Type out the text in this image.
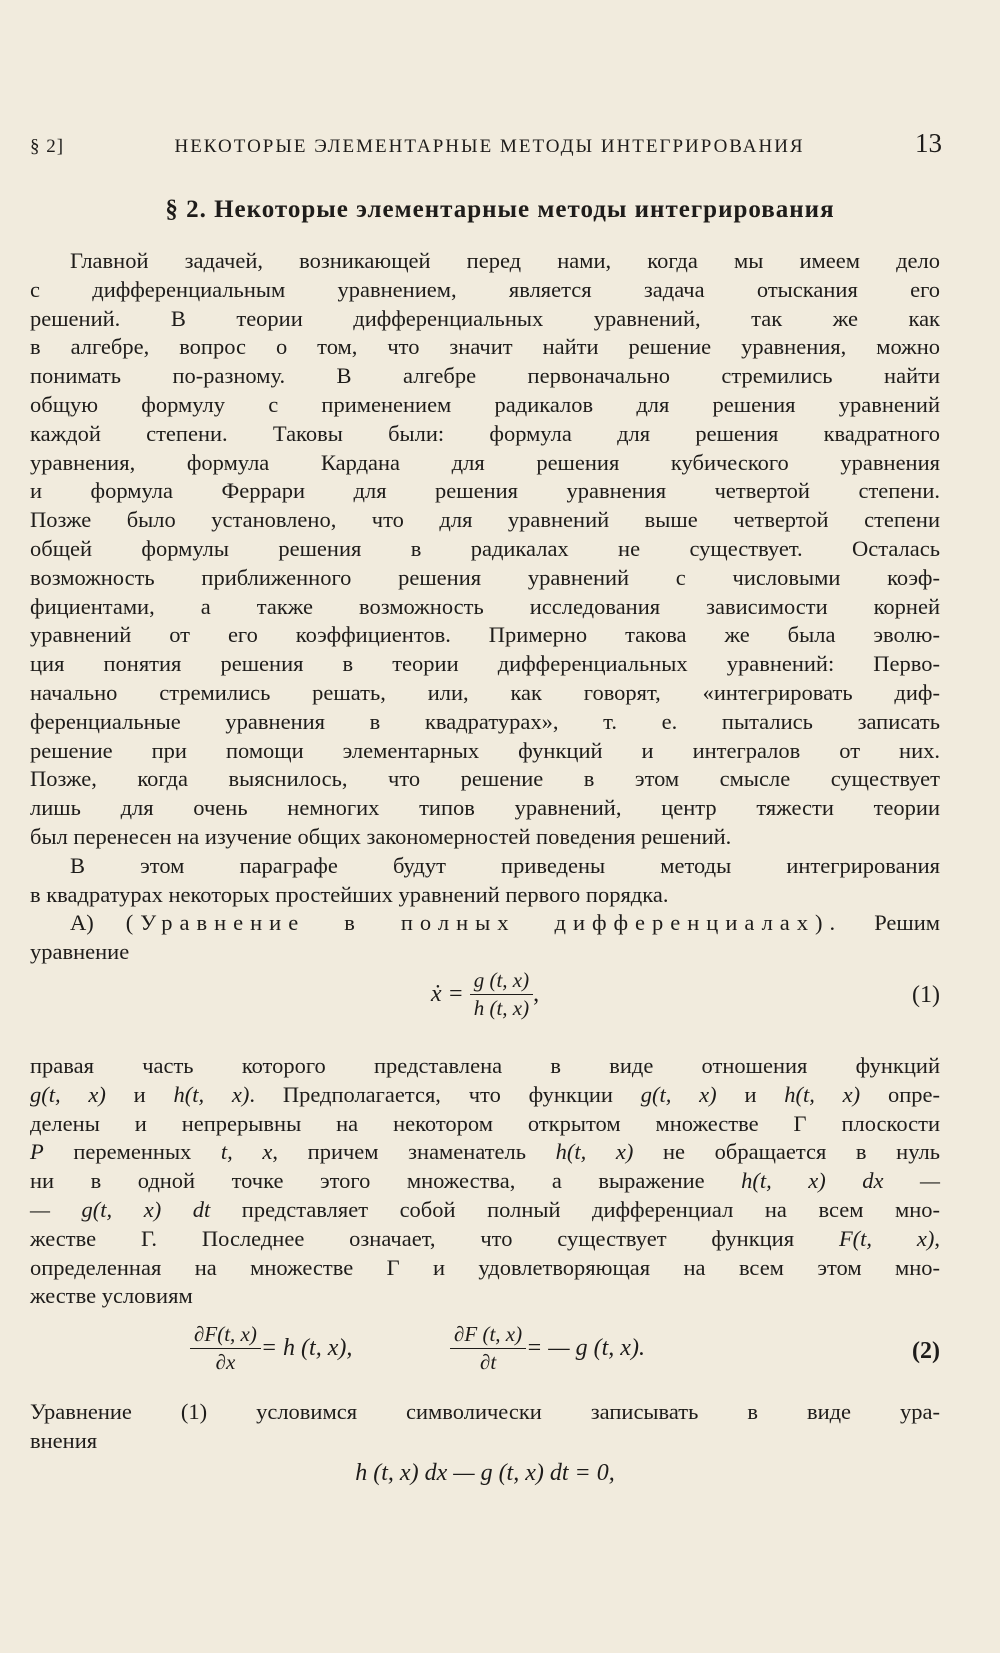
§ 2]	НЕКОТОРЫЕ ЭЛЕМЕНТАРНЫЕ МЕТОДЫ ИНТЕГРИРОВАНИЯ	13
§ 2. Некоторые элементарные методы интегрирования
Главной задачей, возникающей перед нами, когда мы имеем дело
с дифференциальным уравнением, является задача отыскания его
решений. В теории дифференциальных уравнений, так же как
в алгебре, вопрос о том, что значит найти решение уравнения, можно
понимать по-разному. В алгебре первоначально стремились найти
общую формулу с применением радикалов для решения уравнений
каждой степени. Таковы были: формула для решения квадратного
уравнения, формула Кардана для решения кубического уравнения
и формула Феррари для решения уравнения четвертой степени.
Позже было установлено, что для уравнений выше четвертой степени
общей формулы решения в радикалах не существует. Осталась
возможность приближенного решения уравнений с числовыми коэф-
фициентами, а также возможность исследования зависимости корней
уравнений от его коэффициентов. Примерно такова же была эволю-
ция понятия решения в теории дифференциальных уравнений: Перво-
начально стремились решать, или, как говорят, «интегрировать диф-
ференциальные уравнения в квадратурах», т. е. пытались записать
решение при помощи элементарных функций и интегралов от них.
Позже, когда выяснилось, что решение в этом смысле существует
лишь для очень немногих типов уравнений, центр тяжести теории
был перенесен на изучение общих закономерностей поведения решений.
В этом параграфе будут приведены методы интегрирования
в квадратурах некоторых простейших уравнений первого порядка.
А) (Уравнение в полных дифференциалах). Решим
уравнение
ẋ = $\frac{g (t, x)}{h (t, x)}$ ,	(1)
правая часть которого представлена в виде отношения функций
g(t, x) и h(t, x). Предполагается, что функции g(t, x) и h(t, x) опре-
делены и непрерывны на некотором открытом множестве Г плоскости
P переменных t, x, причем знаменатель h(t, x) не обращается в нуль
ни в одной точке этого множества, а выражение h(t, x) dx —
— g(t, x) dt представляет собой полный дифференциал на всем мно-
жестве Г. Последнее означает, что существует функция F(t, x),
определенная на множестве Г и удовлетворяющая на всем этом мно-
жестве условиям
$\frac{\partial F(t, x)}{\partial x} = h$ (t, x),	$\frac{\partial F (t, x)}{\partial t}$ = — g (t, x).	(2)
Уравнение (1) условимся символически записывать в виде ура-
внения
h (t, x) dx — g (t, x) dt = 0,
